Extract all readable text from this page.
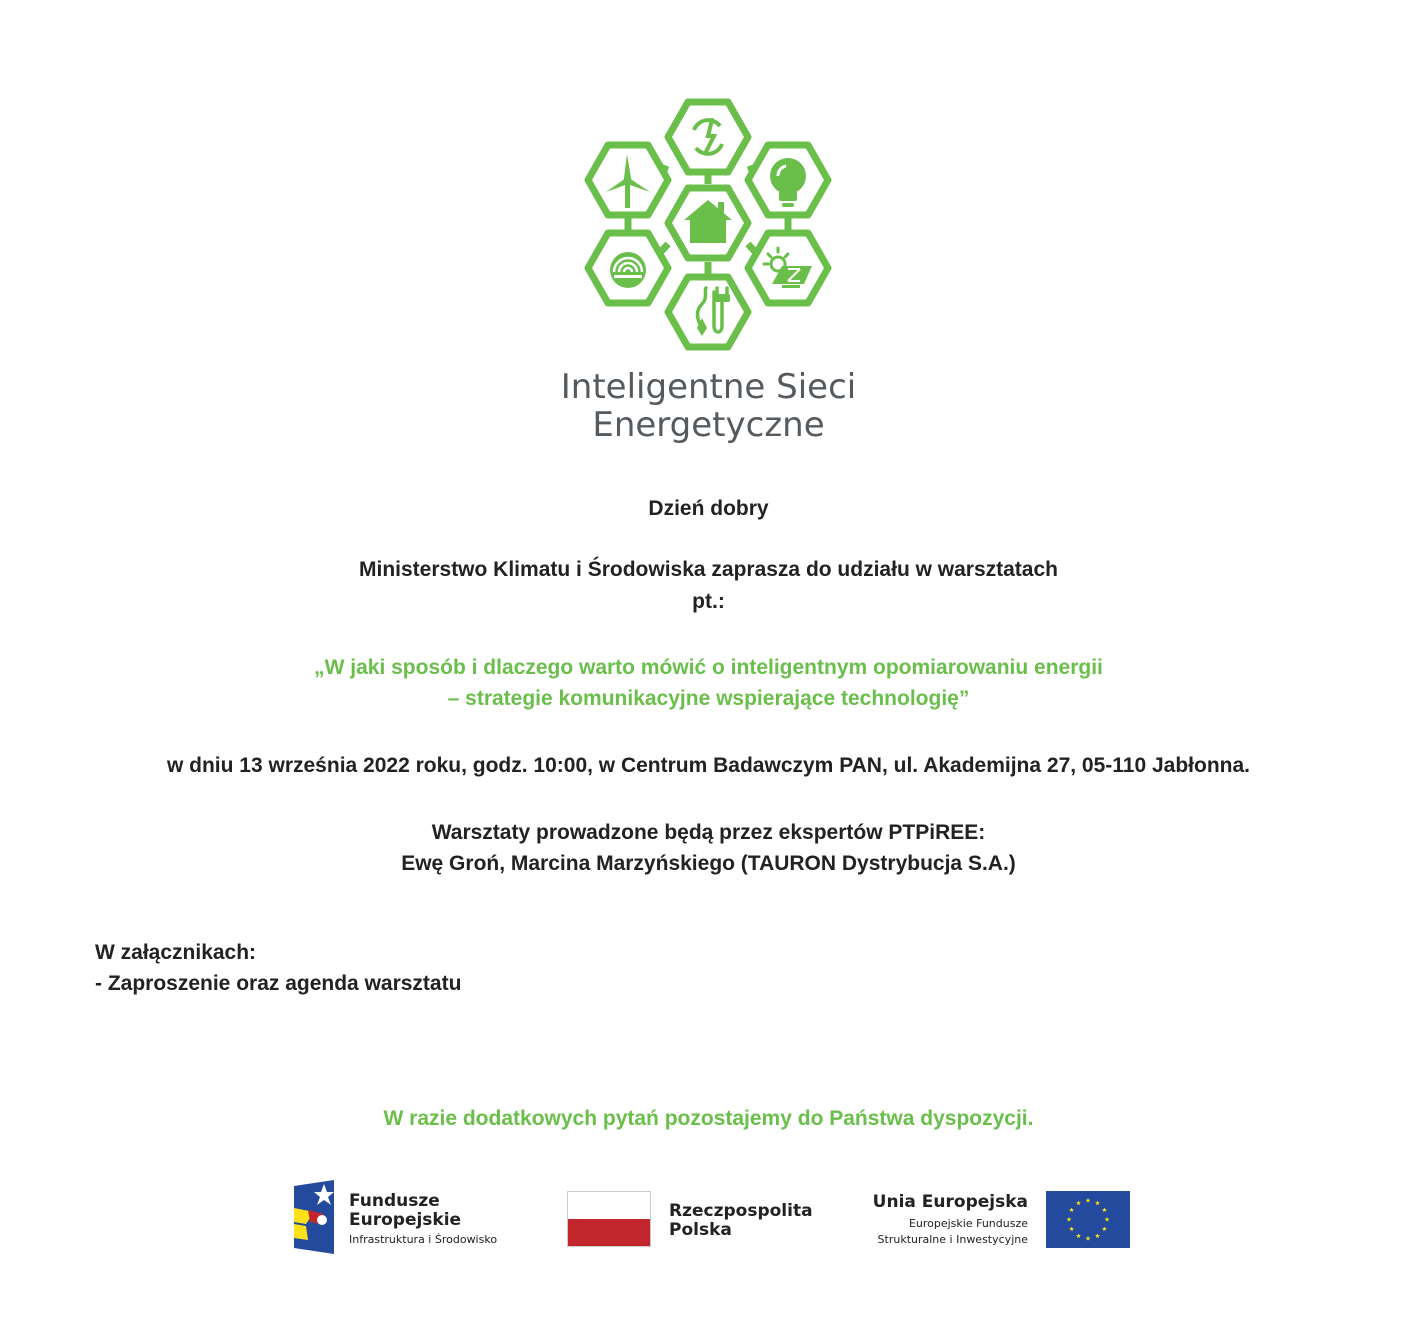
Inteligentne Sieci
Energetyczne
Dzień dobry
Ministerstwo Klimatu i Środowiska zaprasza do udziału w warsztatach
pt.:
„W jaki sposób i dlaczego warto mówić o inteligentnym opomiarowaniu energii
– strategie komunikacyjne wspierające technologię”
w dniu 13 września 2022 roku, godz. 10:00, w Centrum Badawczym PAN, ul. Akademijna 27, 05-110 Jabłonna.
Warsztaty prowadzone będą przez ekspertów PTPiREE:
Ewę Groń, Marcina Marzyńskiego (TAURON Dystrybucja S.A.)
W załącznikach:
- Zaproszenie oraz agenda warsztatu
W razie dodatkowych pytań pozostajemy do Państwa dyspozycji.
Fundusze
Europejskie
Infrastruktura i Środowisko
Rzeczpospolita
Polska
Unia Europejska
Europejskie Fundusze
Strukturalne i Inwestycyjne
